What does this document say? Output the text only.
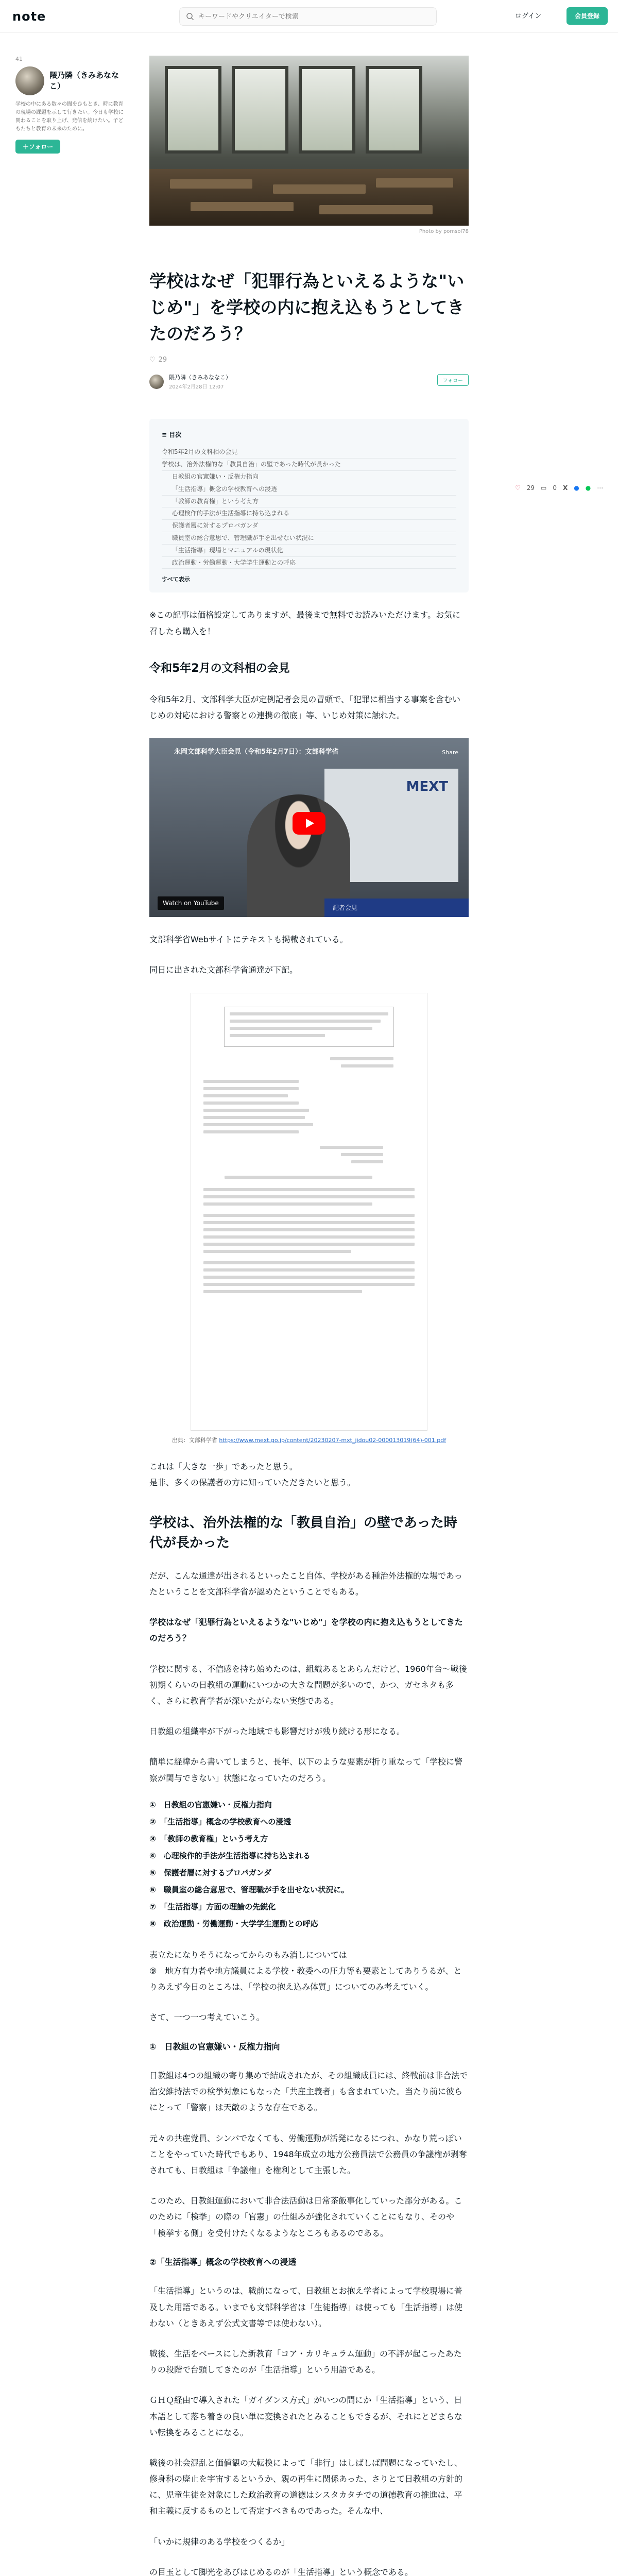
note
キーワードやクリエイターで検索	ログイン	会員登録
41
隈乃隣（きみあななこ）
学校の中にある数々の闇をひもとき、時に教育の現場の課題を示して行きたい。今日も学校に関わることを取り上げ、発信を続けたい。子どもたちと教育の未来のために。
＋フォロー
Photo by pomsol78
♡ 29 ▭ 0 X ● ● ⋯
学校はなぜ「犯罪行為といえるような"いじめ"」を学校の内に抱え込もうとしてきたのだろう？
♡ 29
隈乃隣（きみあななこ）
2024年2月28日 12:07
フォロー
≡ 目次
令和5年2月の文科相の会見
学校は、治外法権的な「教員自治」の壁であった時代が長かった
日教組の官憲嫌い・反権力指向
「生活指導」概念の学校教育への浸透
「教師の教育権」という考え方
心理検作的手法が生活指導に持ち込まれる
保護者層に対するプロパガンダ
職員室の総合意思で、管理職が手を出せない状況に
「生活指導」現場とマニュアルの現状化
政治運動・労働運動・大学学生運動との呼応
すべて表示
※この記事は価格設定してありますが、最後まで無料でお読みいただけます。お気に召したら購入を！
令和5年2月の文科相の会見
令和5年2月、文部科学大臣が定例記者会見の冒頭で、「犯罪に相当する事案を含むいじめの対応における警察との連携の徹底」等、いじめ対策に触れた。
MEXT
永岡文部科学大臣会見（令和5年2月7日）：文部科学省	Share
Watch on YouTube
記者会見
文部科学省Webサイトにテキストも掲載されている。
同日に出された文部科学省通達が下記。
出典：文部科学省 https://www.mext.go.jp/content/20230207-mxt_jidou02-000013019(64)-001.pdf
これは「大きな一歩」であったと思う。
是非、多くの保護者の方に知っていただきたいと思う。
学校は、治外法権的な「教員自治」の壁であった時代が長かった
だが、こんな通達が出されるといったこと自体、学校がある種治外法権的な場であったということを文部科学省が認めたということでもある。
学校はなぜ「犯罪行為といえるような"いじめ"」を学校の内に抱え込もうとしてきたのだろう？
学校に関する、不信感を持ち始めたのは、組織あるとあらんだけど、1960年台〜戦後初期くらいの日教組の運動にいつかの大きな問題が多いので、かつ、ガセネタも多く、さらに教育学者が深いたがらない実態である。
日教組の組織率が下がった地域でも影響だけが残り続ける形になる。
簡単に経緯から書いてしまうと、長年、以下のような要素が折り重なって「学校に警察が関与できない」状態になっていたのだろう。
①　日教組の官憲嫌い・反権力指向
②　「生活指導」概念の学校教育への浸透
③　「教師の教育権」という考え方
④　心理検作的手法が生活指導に持ち込まれる
⑤　保護者層に対するプロパガンダ
⑥　職員室の総合意思で、管理職が手を出せない状況に。
⑦　「生活指導」方面の理論の先鋭化
⑧　政治運動・労働運動・大学学生運動との呼応
表立たになりそうになってからのもみ消しについては
⑨　地方有力者や地方議員による学校・教委への圧力等も要素としてありうるが、とりあえず今日のところは、「学校の抱え込み体質」についてのみ考えていく。
さて、一つ一つ考えていこう。
①　日教組の官憲嫌い・反権力指向
日教組は4つの組織の寄り集めで結成されたが、その組織成員には、終戦前は非合法で治安維持法での検挙対象にもなった「共産主義者」も含まれていた。当たり前に彼らにとって「警察」は天敵のような存在である。
元々の共産党員、シンパでなくても、労働運動が活発になるにつれ、かなり荒っぽいことをやっていた時代でもあり、1948年成立の地方公務員法で公務員の争議権が剥奪されても、日教組は「争議権」を権利として主張した。
このため、日教組運動において非合法活動は日常茶飯事化していった部分がある。このために「検挙」の際の「官憲」の仕組みが強化されていくことにもなり、そのや「検挙する側」を受付けたくなるようなところもあるのである。
②「生活指導」概念の学校教育への浸透
「生活指導」というのは、戦前になって、日教組とお抱え学者によって学校現場に普及した用語である。いまでも文部科学省は「生徒指導」は使っても「生活指導」は使わない（ときあえず公式文書等では使わない）。
戦後、生活をベースにした新教育「コア・カリキュラム運動」の不評が起こったあたりの段階で台頭してきたのが「生活指導」という用語である。
ＧＨＱ経由で導入された「ガイダンス方式」がいつの間にか「生活指導」という、日本語として落ち着きの良い単に変換されたとみることもできるが、それにとどまらない転換をみることになる。
戦後の社会混乱と価値観の大転換によって「非行」はしばしば問題になっていたし、修身科の廃止を宇宙するというか、親の再生に関係あった、さりとて日教組の方針的に、児童生徒を対象にした政治教育の道徳はシスタカタチでの道徳教育の推進は、平和主義に反するものとして否定すべきものであった。そんな中、
「いかに規律のある学校をつくるか」
の目玉として脚光をあびはじめるのが「生活指導」という概念である。
